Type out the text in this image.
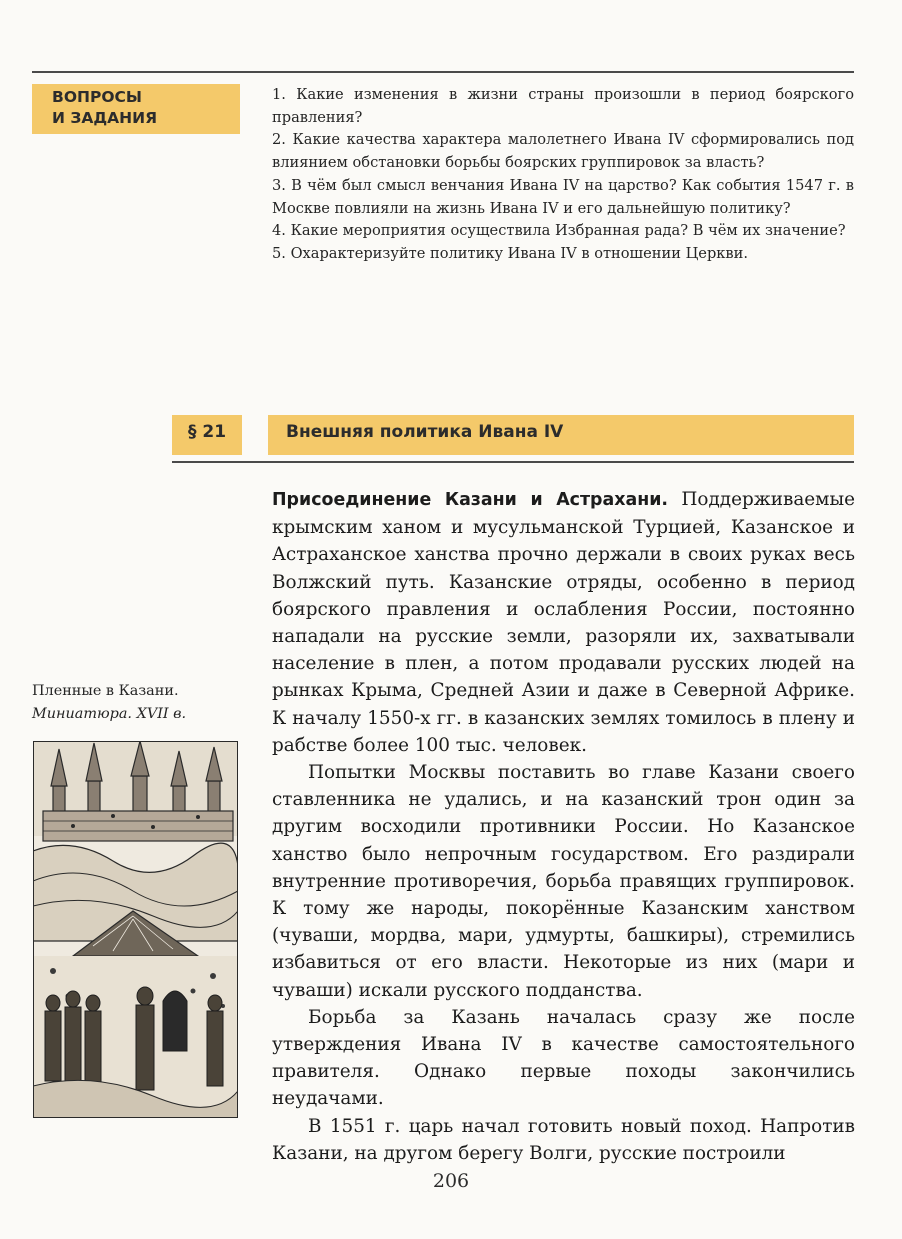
ВОПРОСЫ
И ЗАДАНИЯ

1. Какие изменения в жизни страны произошли в период боярского правления?

2. Какие качества характера малолетнего Ивана IV сформировались под влиянием обстановки борьбы боярских группировок за власть?

3. В чём был смысл венчания Ивана IV на царство? Как события 1547 г. в Москве повлияли на жизнь Ивана IV и его дальнейшую политику?

4. Какие мероприятия осуществила Избранная рада? В чём их значение?

5. Охарактеризуйте политику Ивана IV в отношении Церкви.

§ 21	Внешняя политика Ивана IV
Пленные в Казани.
Миниатюра. XVII в.

Присоединение Казани и Астрахани. Поддерживаемые крымским ханом и мусульманской Турцией, Казанское и Астраханское ханства прочно держали в своих руках весь Волжский путь. Казанские отряды, особенно в период боярского правления и ослабления России, постоянно нападали на русские земли, разоряли их, захватывали население в плен, а потом продавали русских людей на рынках Крыма, Средней Азии и даже в Северной Африке. К началу 1550-х гг. в казанских землях томилось в плену и рабстве более 100 тыс. человек.

Попытки Москвы поставить во главе Казани своего ставленника не удались, и на казанский трон один за другим восходили противники России. Но Казанское ханство было непрочным государством. Его раздирали внутренние противоречия, борьба правящих группировок. К тому же народы, покорённые Казанским ханством (чуваши, мордва, мари, удмурты, башкиры), стремились избавиться от его власти. Некоторые из них (мари и чуваши) искали русского подданства.

Борьба за Казань началась сразу же после утверждения Ивана IV в качестве самостоятельного правителя. Однако первые походы закончились неудачами.

В 1551 г. царь начал готовить новый поход. Напротив Казани, на другом берегу Волги, русские построили

206
